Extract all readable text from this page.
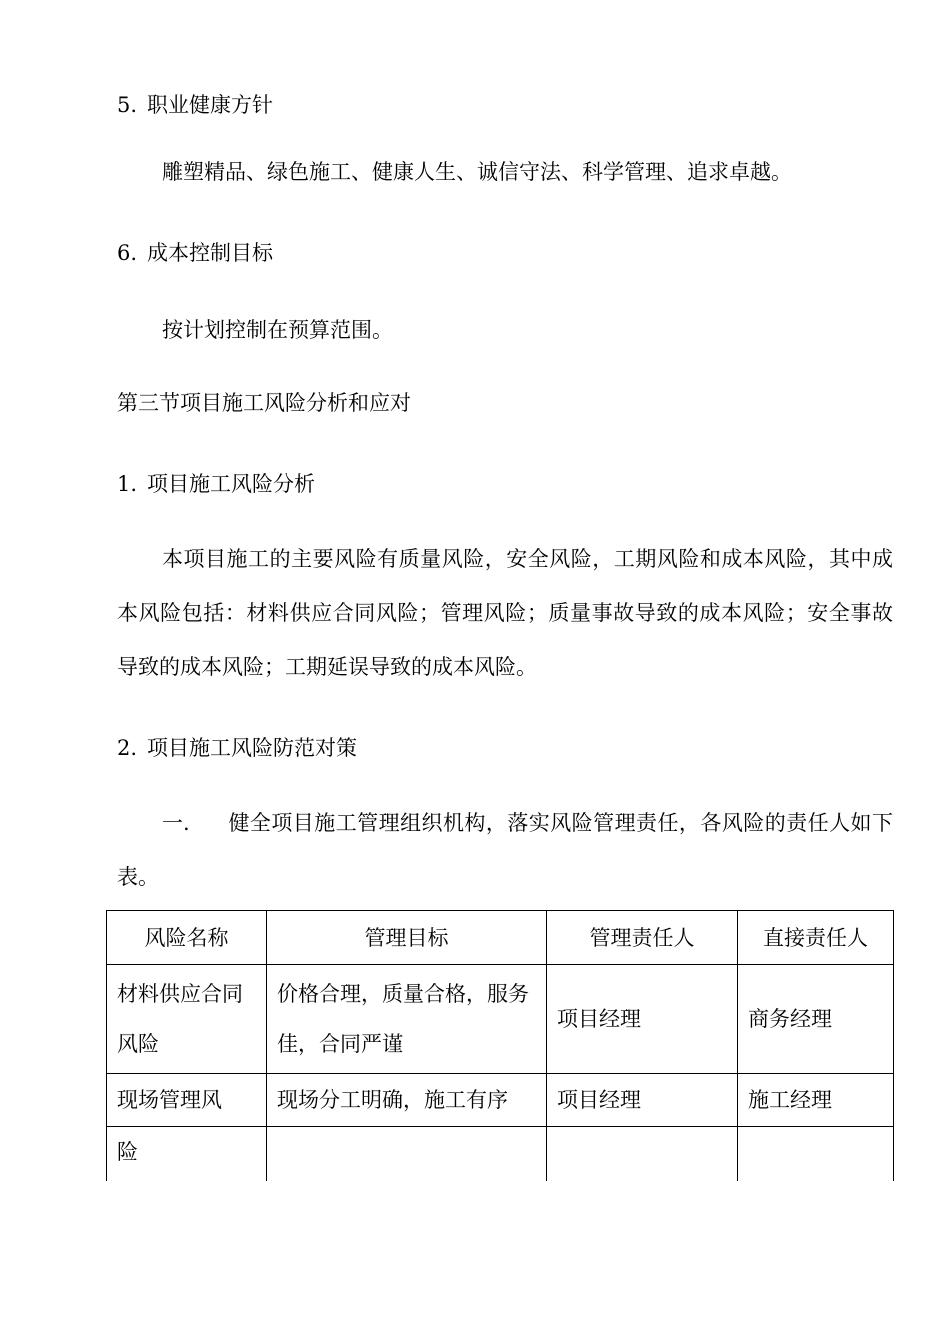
5. 职业健康方针
雕塑精品、绿色施工、健康人生、诚信守法、科学管理、追求卓越。
6. 成本控制目标
按计划控制在预算范围。
第三节项目施工风险分析和应对
1. 项目施工风险分析
本项目施工的主要风险有质量风险，安全风险，工期风险和成本风险，其中成本风险包括：材料供应合同风险；管理风险；质量事故导致的成本风险；安全事故导致的成本风险；工期延误导致的成本风险。
2. 项目施工风险防范对策
一. 健全项目施工管理组织机构，落实风险管理责任，各风险的责任人如下表。
风险名称	管理目标	管理责任人	直接责任人
材料供应合同风险	价格合理，质量合格，服务佳，合同严谨	项目经理	商务经理
现场管理风	现场分工明确，施工有序	项目经理	施工经理
险			
